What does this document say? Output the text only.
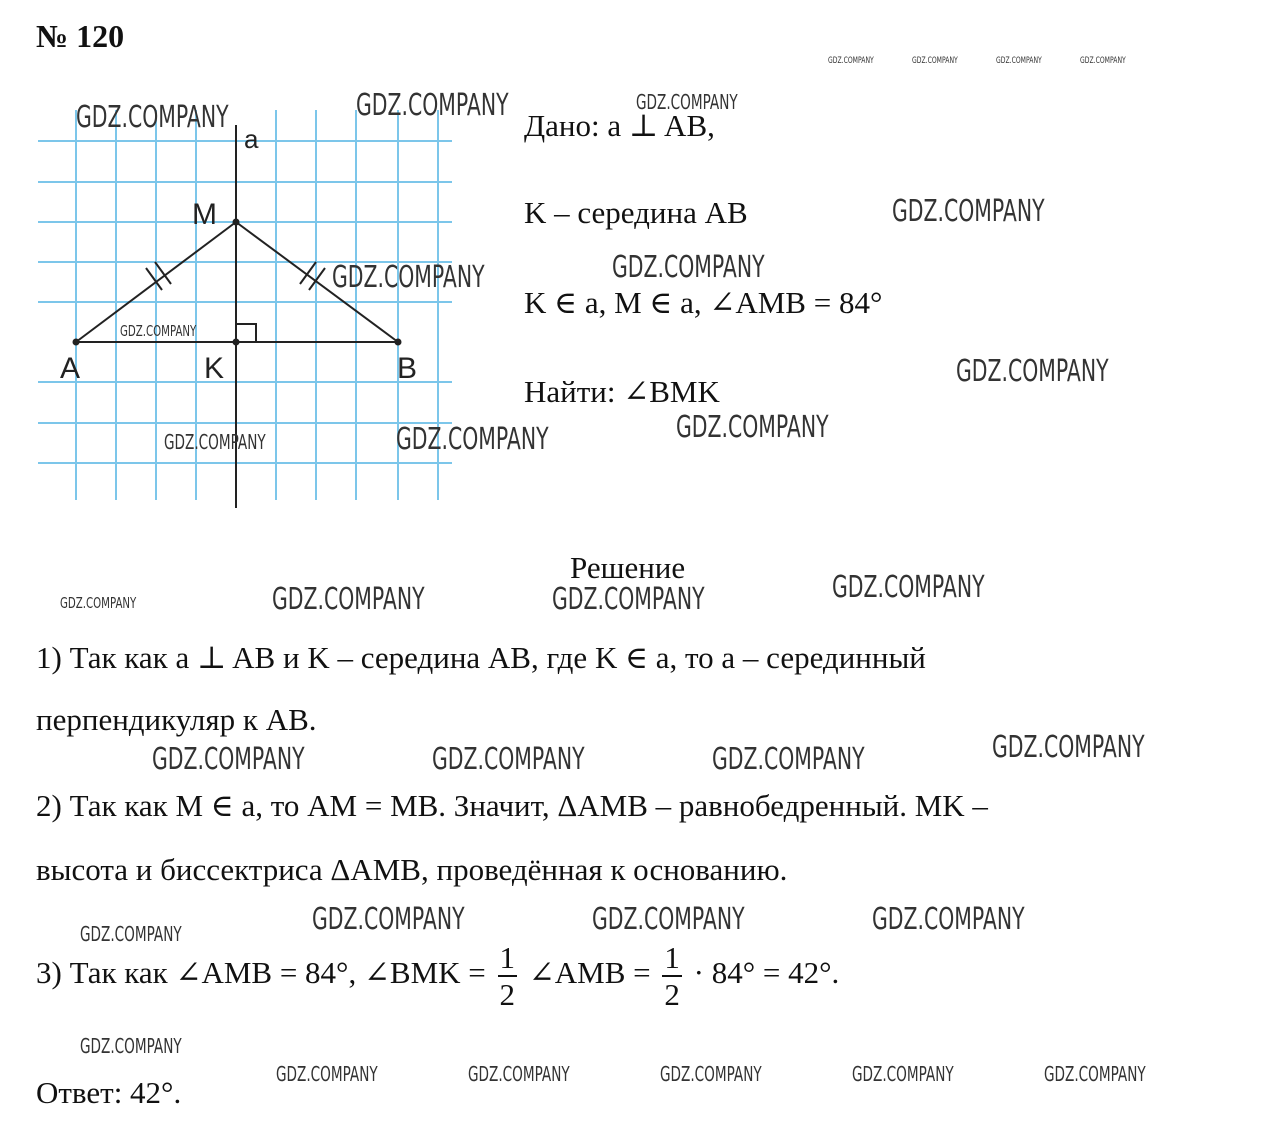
№ 120
a
M
A	K	B
Дано: a ⊥ AB,
K – середина AB
K ∈ a, M ∈ a, ∠AMB = 84°
Найти: ∠BMK
Решение
1) Так как a ⊥ AB и K – середина AB, где K ∈ a, то a – серединный
перпендикуляр к AB.
2) Так как M ∈ a, то AM = MB. Значит, ΔAMB – равнобедренный. MK –
высота и биссектриса ΔAMB, проведённая к основанию.
3) Так как ∠AMB = 84°, ∠BMK = $\frac{1}{2}$ ∠AMB = $\frac{1}{2} \cdot 84^\circ = 42^\circ$.
Ответ: 42°.
GDZ.COMPANY	GDZ.COMPANY	GDZ.COMPANY	GDZ.COMPANY
GDZ.COMPANY	GDZ.COMPANY	GDZ.COMPANY
GDZ.COMPANY
GDZ.COMPANY
GDZ.COMPANY
GDZ.COMPANY
GDZ.COMPANY
GDZ.COMPANY
GDZ.COMPANY
GDZ.COMPANY
GDZ.COMPANY
GDZ.COMPANY	GDZ.COMPANY
GDZ.COMPANY
GDZ.COMPANY
GDZ.COMPANY	GDZ.COMPANY	GDZ.COMPANY
GDZ.COMPANY	GDZ.COMPANY	GDZ.COMPANY
GDZ.COMPANY
GDZ.COMPANY
GDZ.COMPANY	GDZ.COMPANY	GDZ.COMPANY	GDZ.COMPANY	GDZ.COMPANY
